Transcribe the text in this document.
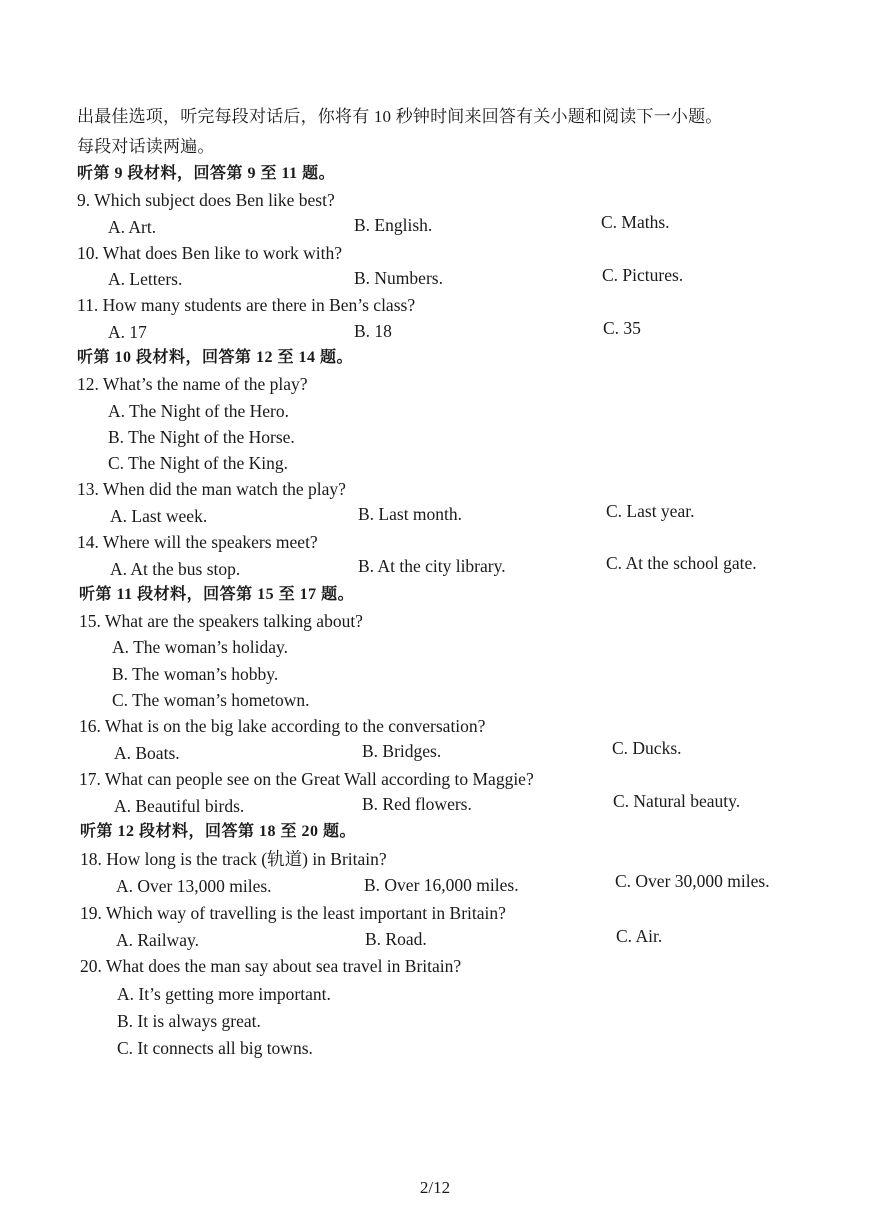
出最佳选项，听完每段对话后，你将有 10 秒钟时间来回答有关小题和阅读下一小题。
每段对话读两遍。
听第 9 段材料，回答第 9 至 11 题。
9. Which subject does Ben like best?
A. Art.	B. English.	C. Maths.
10. What does Ben like to work with?
A. Letters.	B. Numbers.	C. Pictures.
11. How many students are there in Ben’s class?
A. 17	B. 18	C. 35
听第 10 段材料，回答第 12 至 14 题。
12. What’s the name of the play?
A. The Night of the Hero.
B. The Night of the Horse.
C. The Night of the King.
13. When did the man watch the play?
A. Last week.	B. Last month.	C. Last year.
14. Where will the speakers meet?
A. At the bus stop.	B. At the city library.	C. At the school gate.
听第 11 段材料，回答第 15 至 17 题。
15. What are the speakers talking about?
A. The woman’s holiday.
B. The woman’s hobby.
C. The woman’s hometown.
16. What is on the big lake according to the conversation?
A. Boats.	B. Bridges.	C. Ducks.
17. What can people see on the Great Wall according to Maggie?
A. Beautiful birds.	B. Red flowers.	C. Natural beauty.
听第 12 段材料，回答第 18 至 20 题。
18. How long is the track (轨道) in Britain?
A. Over 13,000 miles.	B. Over 16,000 miles.	C. Over 30,000 miles.
19. Which way of travelling is the least important in Britain?
A. Railway.	B. Road.	C. Air.
20. What does the man say about sea travel in Britain?
A. It’s getting more important.
B. It is always great.
C. It connects all big towns.
2/12
